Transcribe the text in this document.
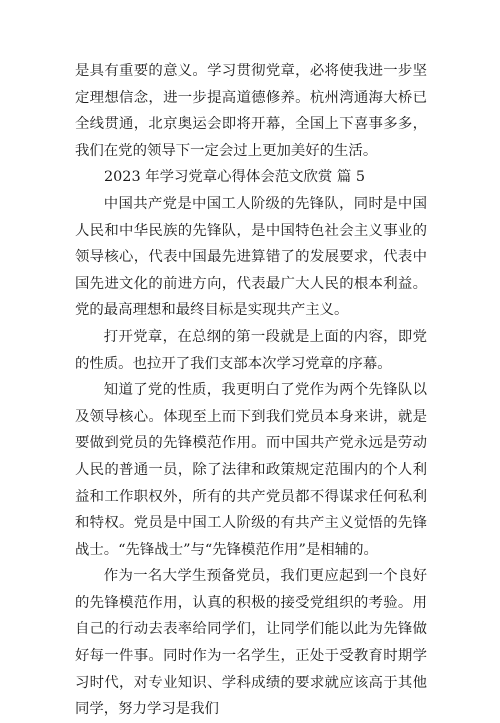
是具有重要的意义。学习贯彻党章，必将使我进一步坚定理想信念，进一步提高道德修养。杭州湾通海大桥已全线贯通，北京奥运会即将开幕，全国上下喜事多多，我们在党的领导下一定会过上更加美好的生活。

2023 年学习党章心得体会范文欣赏 篇 5

中国共产党是中国工人阶级的先锋队，同时是中国人民和中华民族的先锋队，是中国特色社会主义事业的领导核心，代表中国最先进算错了的发展要求，代表中国先进文化的前进方向，代表最广大人民的根本利益。党的最高理想和最终目标是实现共产主义。

打开党章，在总纲的第一段就是上面的内容，即党的性质。也拉开了我们支部本次学习党章的序幕。

知道了党的性质，我更明白了党作为两个先锋队以及领导核心。体现至上而下到我们党员本身来讲，就是要做到党员的先锋模范作用。而中国共产党永远是劳动人民的普通一员，除了法律和政策规定范围内的个人利益和工作职权外，所有的共产党员都不得谋求任何私利和特权。党员是中国工人阶级的有共产主义觉悟的先锋战士。“先锋战士”与“先锋模范作用”是相辅的。

作为一名大学生预备党员，我们更应起到一个良好的先锋模范作用，认真的积极的接受党组织的考验。用自己的行动去表率给同学们，让同学们能以此为先锋做好每一件事。同时作为一名学生，正处于受教育时期学习时代，对专业知识、学科成绩的要求就应该高于其他同学，努力学习是我们
